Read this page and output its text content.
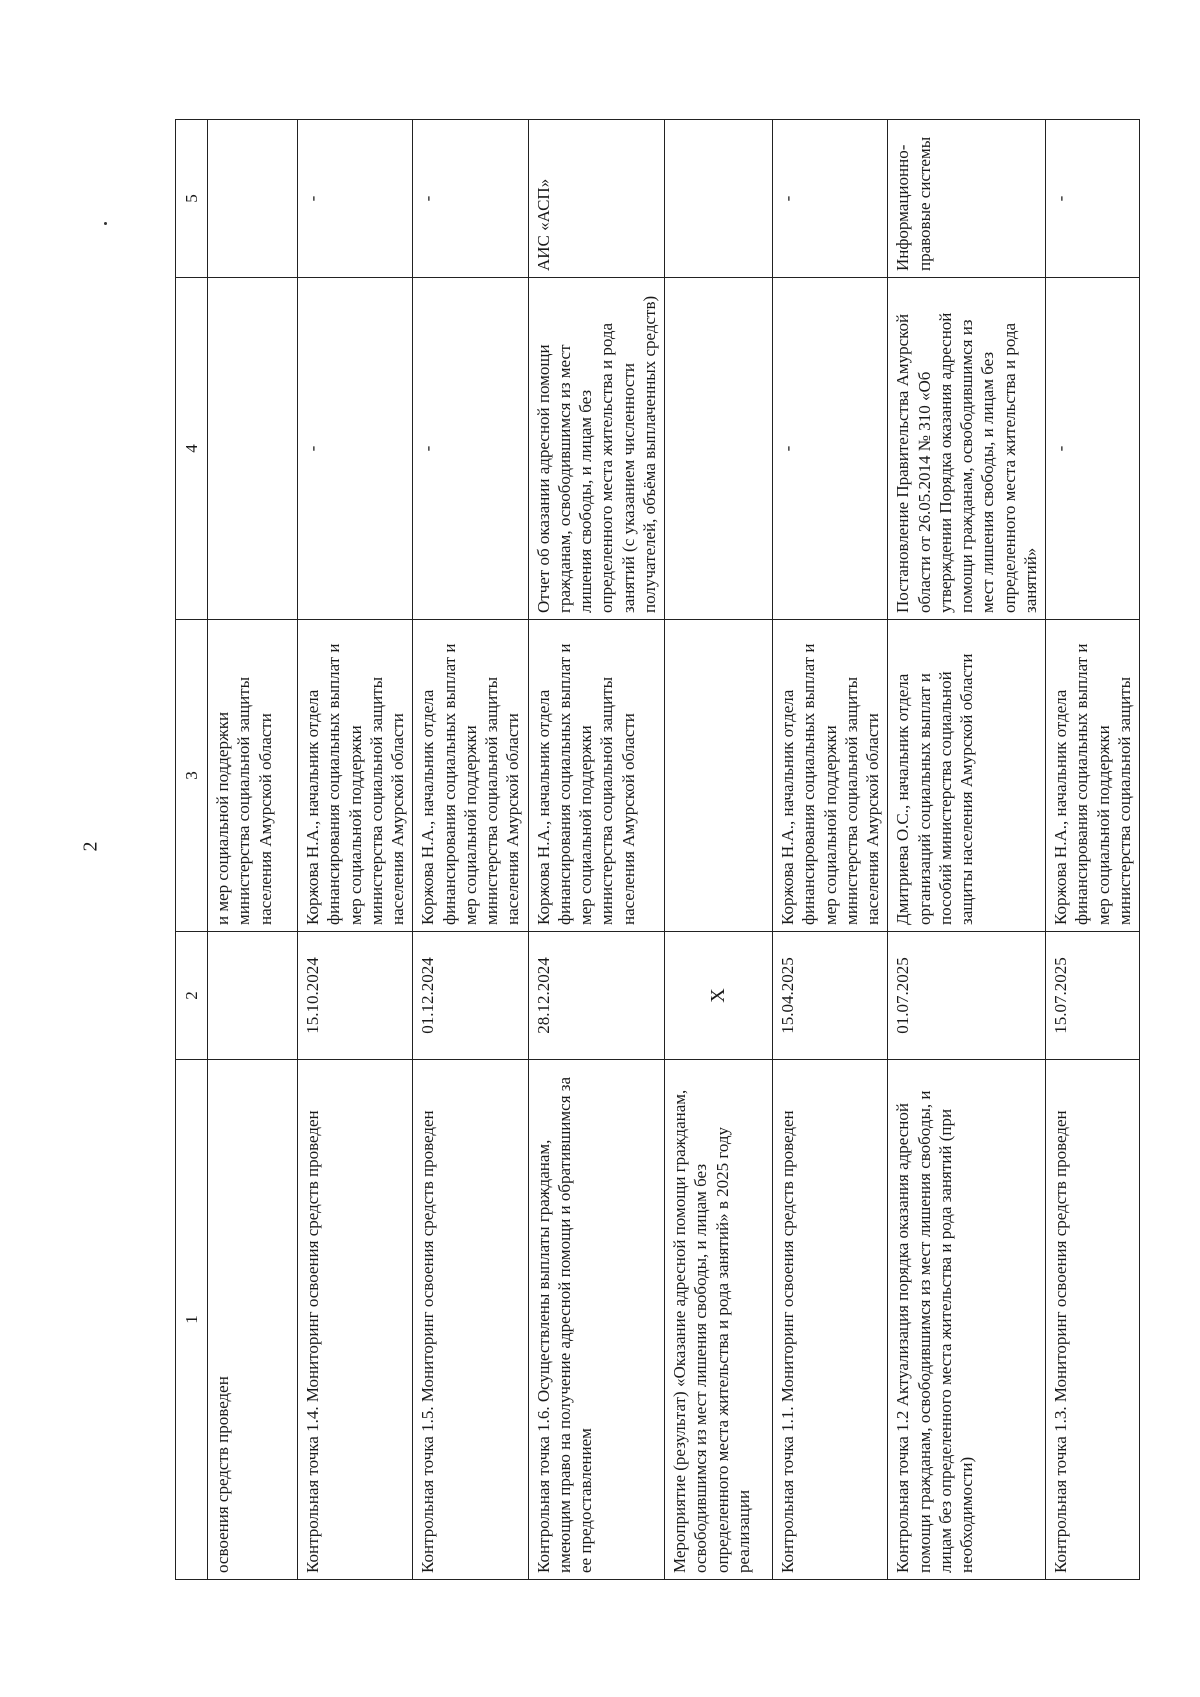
2
1	2	3	4	5
освоения средств проведен		и мер социальной поддержки министерства социальной защиты населения Амурской области		
Контрольная точка 1.4. Мониторинг освоения средств проведен	15.10.2024	Коржова Н.А., начальник отдела финансирования социальных выплат и мер социальной поддержки министерства социальной защиты населения Амурской области	-	-
Контрольная точка 1.5. Мониторинг освоения средств проведен	01.12.2024	Коржова Н.А., начальник отдела финансирования социальных выплат и мер социальной поддержки министерства социальной защиты населения Амурской области	-	-
Контрольная точка 1.6. Осуществлены выплаты гражданам, имеющим право на получение адресной помощи и обратившимся за ее предоставлением	28.12.2024	Коржова Н.А., начальник отдела финансирования социальных выплат и мер социальной поддержки министерства социальной защиты населения Амурской области	Отчет об оказании адресной помощи гражданам, освободившимся из мест лишения свободы, и лицам без определенного места жительства и рода занятий (с указанием численности получателей, объёма выплаченных средств)	АИС «АСП»
Мероприятие (результат) «Оказание адресной помощи гражданам, освободившимся из мест лишения свободы, и лицам без определенного места жительства и рода занятий» в 2025 году реализации	Х			
Контрольная точка 1.1. Мониторинг освоения средств проведен	15.04.2025	Коржова Н.А., начальник отдела финансирования социальных выплат и мер социальной поддержки министерства социальной защиты населения Амурской области	-	-
Контрольная точка 1.2 Актуализация порядка оказания адресной помощи гражданам, освободившимся из мест лишения свободы, и лицам без определенного места жительства и рода занятий (при необходимости)	01.07.2025	Дмитриева О.С., начальник отдела организаций социальных выплат и пособий министерства социальной защиты населения Амурской области	Постановление Правительства Амурской области от 26.05.2014 № 310 «Об утверждении Порядка оказания адресной помощи гражданам, освободившимся из мест лишения свободы, и лицам без определенного места жительства и рода занятий»	Информационно-правовые системы
Контрольная точка 1.3. Мониторинг освоения средств проведен	15.07.2025	Коржова Н.А., начальник отдела финансирования социальных выплат и мер социальной поддержки министерства социальной защиты	-	-
